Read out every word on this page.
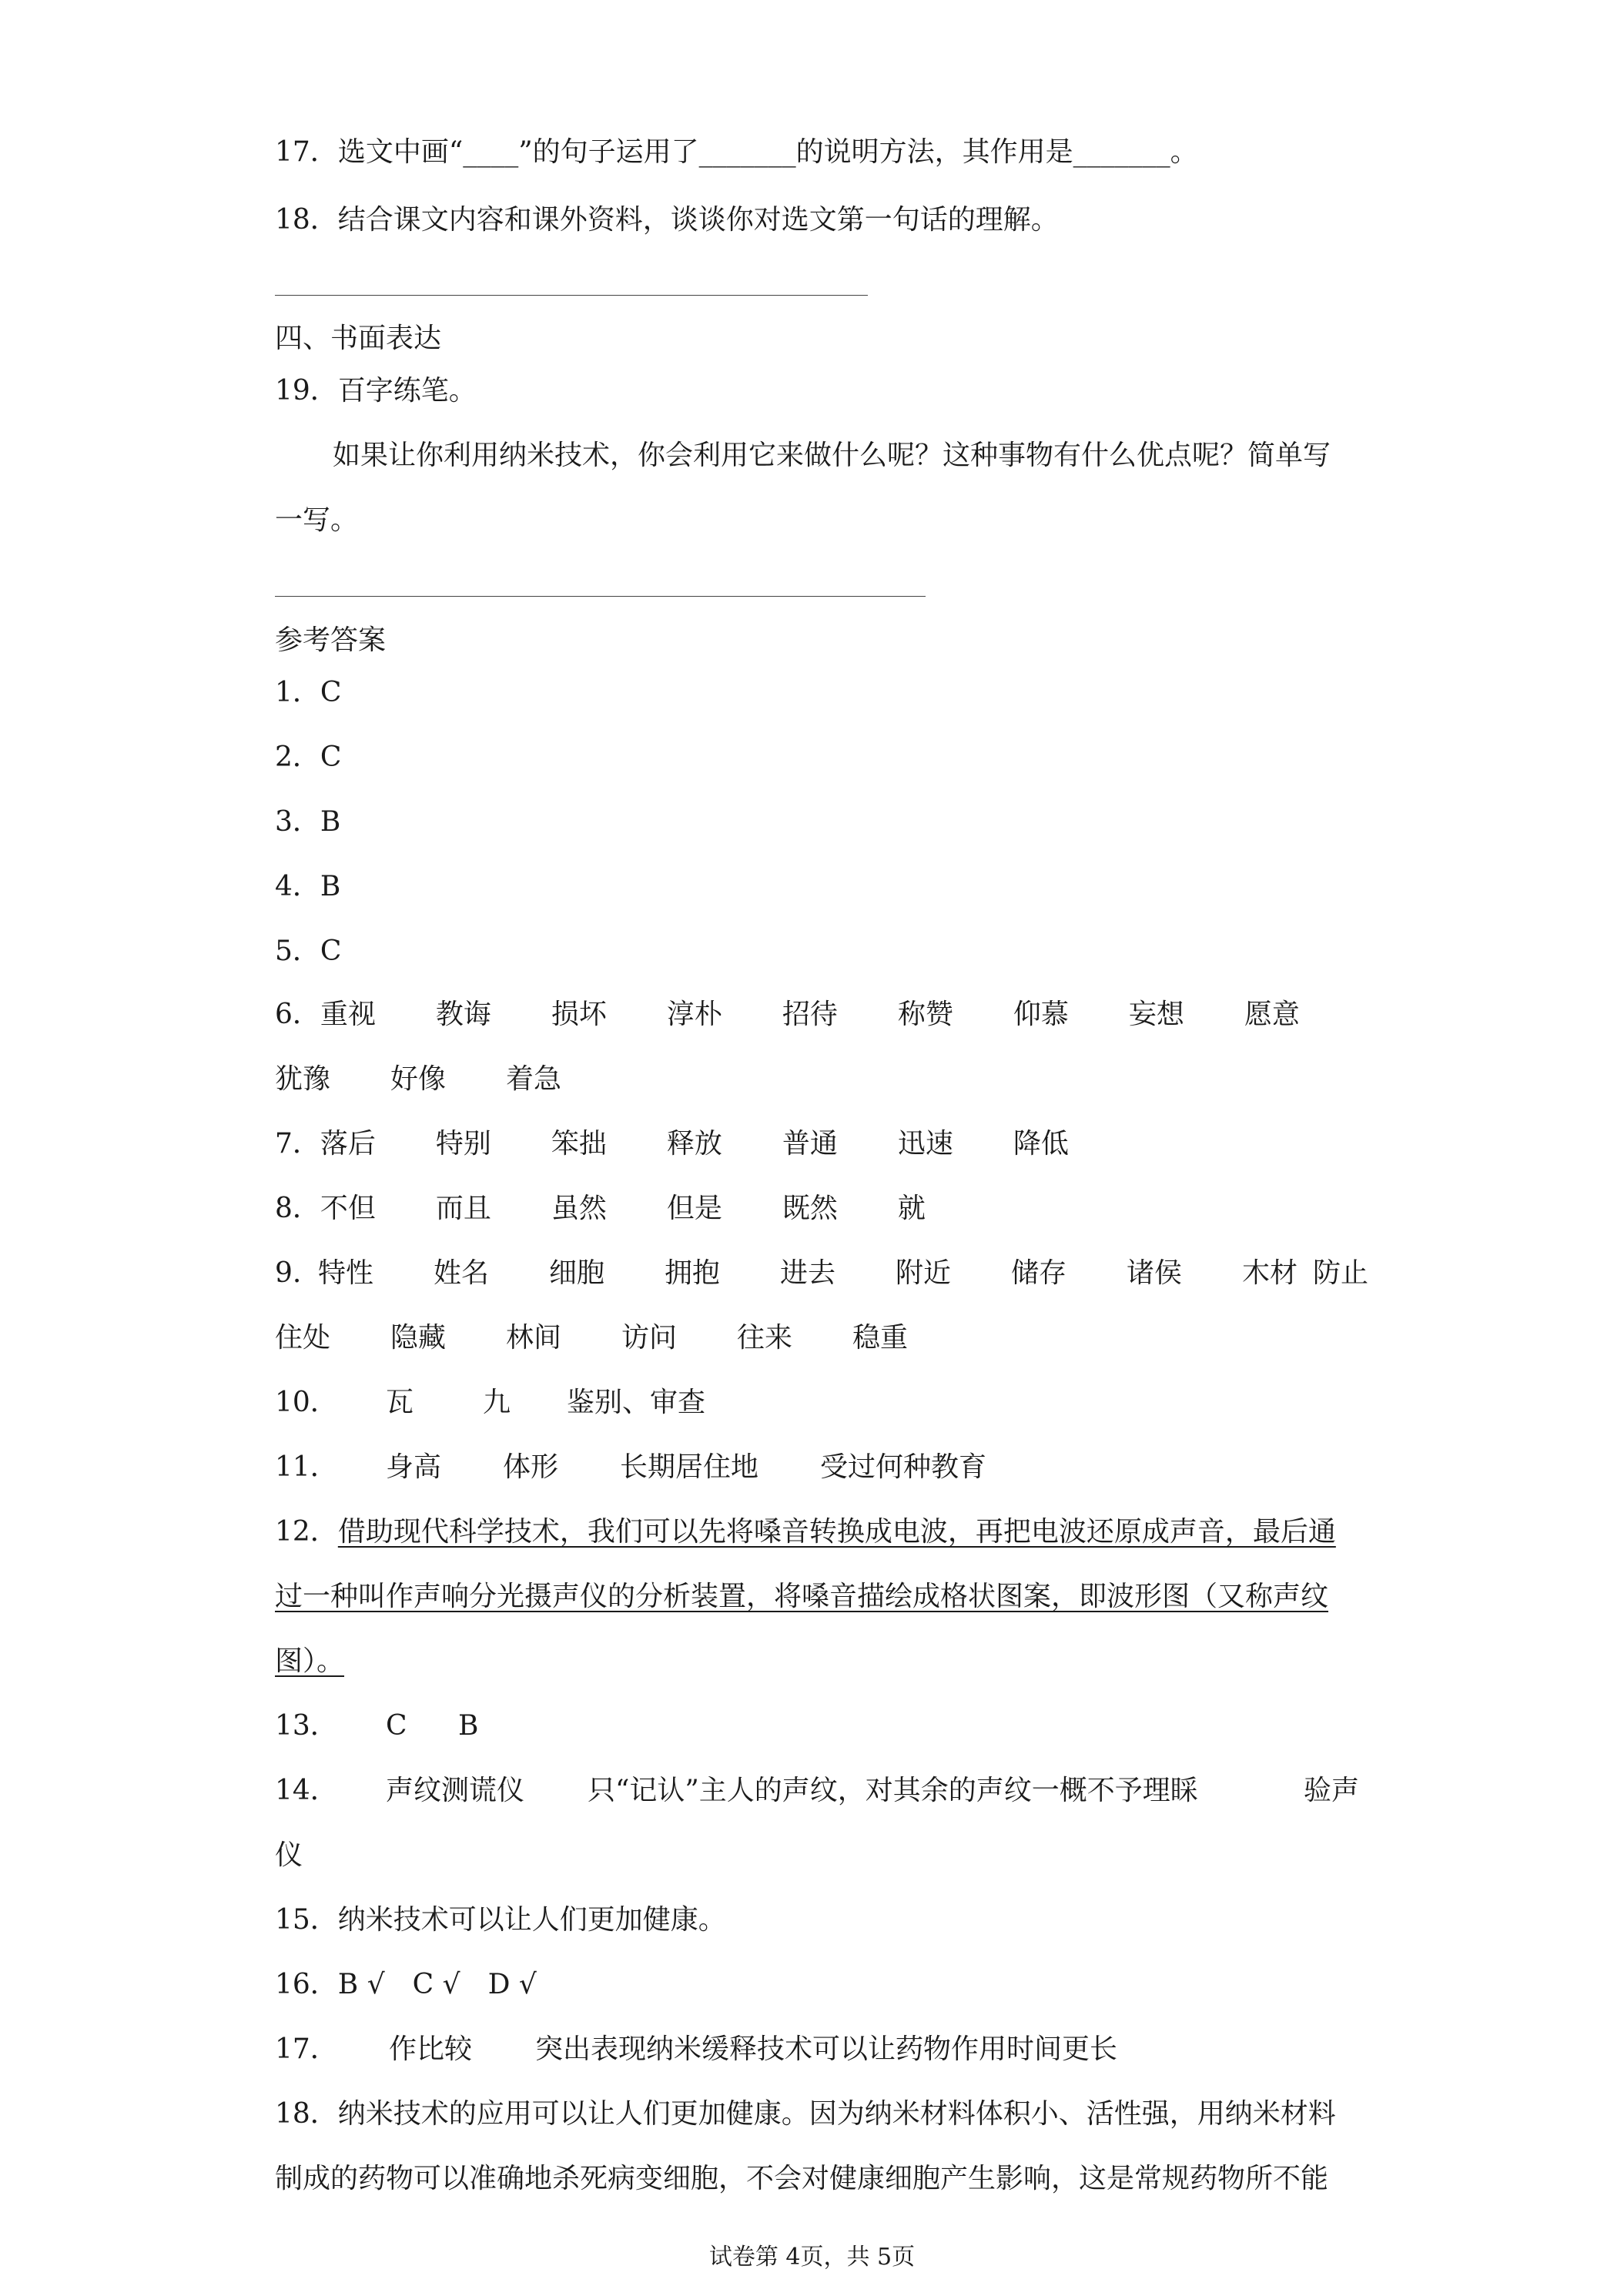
17．选文中画“____”的句子运用了_______的说明方法，其作用是_______。
18．结合课文内容和课外资料，谈谈你对选文第一句话的理解。
四、书面表达
19．百字练笔。
如果让你利用纳米技术，你会利用它来做什么呢？这种事物有什么优点呢？简单写
一写。
参考答案
1．C
2．C
3．B
4．B
5．C
6．重视 教诲 损坏 淳朴 招待 称赞 仰慕 妄想 愿意
犹豫 好像 着急
7．落后 特别 笨拙 释放 普通 迅速 降低
8．不但 而且 虽然 但是 既然 就
9. 特性 姓名 细胞 拥抱 进去 附近 储存 诸侯 木材 防止
住处 隐藏 林间 访问 往来 稳重
10． 瓦 九 鉴别、审查
11． 身高 体形 长期居住地 受过何种教育
12．借助现代科学技术，我们可以先将嗓音转换成电波，再把电波还原成声音，最后通
过一种叫作声响分光摄声仪的分析装置，将嗓音描绘成格状图案，即波形图（又称声纹
图）。
13． C B
14． 声纹测谎仪 只“记认”主人的声纹，对其余的声纹一概不予理睬	验声
仪
15．纳米技术可以让人们更加健康。
16．B √　C √　D √
17． 作比较 突出表现纳米缓释技术可以让药物作用时间更长
18．纳米技术的应用可以让人们更加健康。因为纳米材料体积小、活性强，用纳米材料
制成的药物可以准确地杀死病变细胞，不会对健康细胞产生影响，这是常规药物所不能
试卷第 4页，共 5页
